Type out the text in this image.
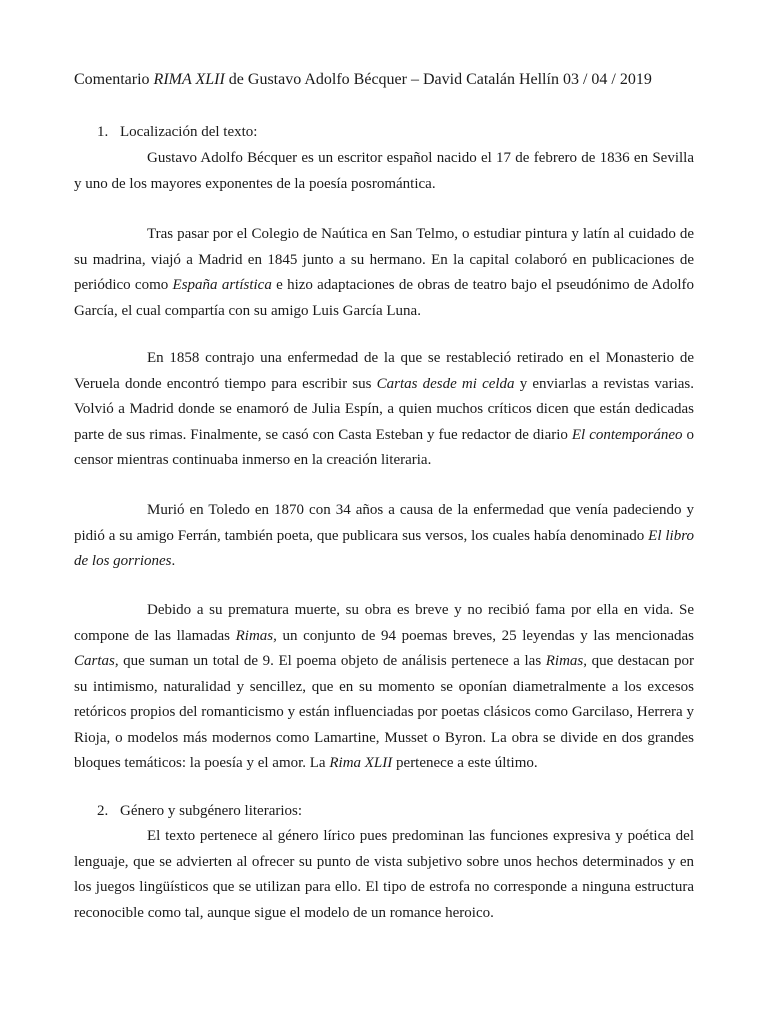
Comentario RIMA XLII de Gustavo Adolfo Bécquer – David Catalán Hellín 03 / 04 / 2019
1. Localización del texto:

Gustavo Adolfo Bécquer es un escritor español nacido el 17 de febrero de 1836 en Sevilla y uno de los mayores exponentes de la poesía posromántica.

Tras pasar por el Colegio de Naútica en San Telmo, o estudiar pintura y latín al cuidado de su madrina, viajó a Madrid en 1845 junto a su hermano. En la capital colaboró en publicaciones de periódico como España artística e hizo adaptaciones de obras de teatro bajo el pseudónimo de Adolfo García, el cual compartía con su amigo Luis García Luna.

En 1858 contrajo una enfermedad de la que se restableció retirado en el Monasterio de Veruela donde encontró tiempo para escribir sus Cartas desde mi celda y enviarlas a revistas varias. Volvió a Madrid donde se enamoró de Julia Espín, a quien muchos críticos dicen que están dedicadas parte de sus rimas. Finalmente, se casó con Casta Esteban y fue redactor de diario El contemporáneo o censor mientras continuaba inmerso en la creación literaria.

Murió en Toledo en 1870 con 34 años a causa de la enfermedad que venía padeciendo y pidió a su amigo Ferrán, también poeta, que publicara sus versos, los cuales había denominado El libro de los gorriones.

Debido a su prematura muerte, su obra es breve y no recibió fama por ella en vida. Se compone de las llamadas Rimas, un conjunto de 94 poemas breves, 25 leyendas y las mencionadas Cartas, que suman un total de 9. El poema objeto de análisis pertenece a las Rimas, que destacan por su intimismo, naturalidad y sencillez, que en su momento se oponían diametralmente a los excesos retóricos propios del romanticismo y están influenciadas por poetas clásicos como Garcilaso, Herrera y Rioja, o modelos más modernos como Lamartine, Musset o Byron. La obra se divide en dos grandes bloques temáticos: la poesía y el amor. La Rima XLII pertenece a este último.

2. Género y subgénero literarios:

El texto pertenece al género lírico pues predominan las funciones expresiva y poética del lenguaje, que se advierten al ofrecer su punto de vista subjetivo sobre unos hechos determinados y en los juegos lingüísticos que se utilizan para ello. El tipo de estrofa no corresponde a ninguna estructura reconocible como tal, aunque sigue el modelo de un romance heroico.
